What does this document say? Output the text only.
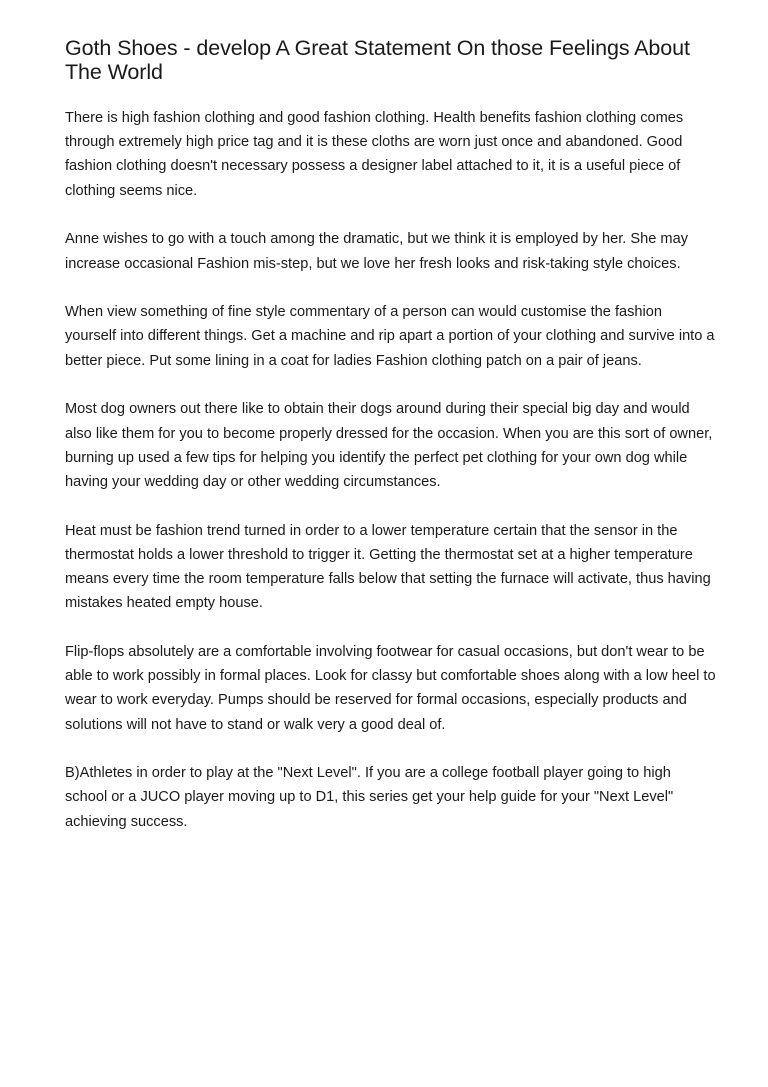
Goth Shoes - develop A Great Statement On those Feelings About The World

There is high fashion clothing and good fashion clothing. Health benefits fashion clothing comes through extremely high price tag and it is these cloths are worn just once and abandoned. Good fashion clothing doesn't necessary possess a designer label attached to it, it is a useful piece of clothing seems nice.

Anne wishes to go with a touch among the dramatic, but we think it is employed by her. She may increase occasional Fashion mis-step, but we love her fresh looks and risk-taking style choices.

When view something of fine style commentary of a person can would customise the fashion yourself into different things. Get a machine and rip apart a portion of your clothing and survive into a better piece. Put some lining in a coat for ladies Fashion clothing patch on a pair of jeans.

Most dog owners out there like to obtain their dogs around during their special big day and would also like them for you to become properly dressed for the occasion. When you are this sort of owner, burning up used a few tips for helping you identify the perfect pet clothing for your own dog while having your wedding day or other wedding circumstances.

Heat must be fashion trend turned in order to a lower temperature certain that the sensor in the thermostat holds a lower threshold to trigger it. Getting the thermostat set at a higher temperature means every time the room temperature falls below that setting the furnace will activate, thus having mistakes heated empty house.

Flip-flops absolutely are a comfortable involving footwear for casual occasions, but don't wear to be able to work possibly in formal places. Look for classy but comfortable shoes along with a low heel to wear to work everyday. Pumps should be reserved for formal occasions, especially products and solutions will not have to stand or walk very a good deal of.

B)Athletes in order to play at the "Next Level". If you are a college football player going to high school or a JUCO player moving up to D1, this series get your help guide for your "Next Level" achieving success.
